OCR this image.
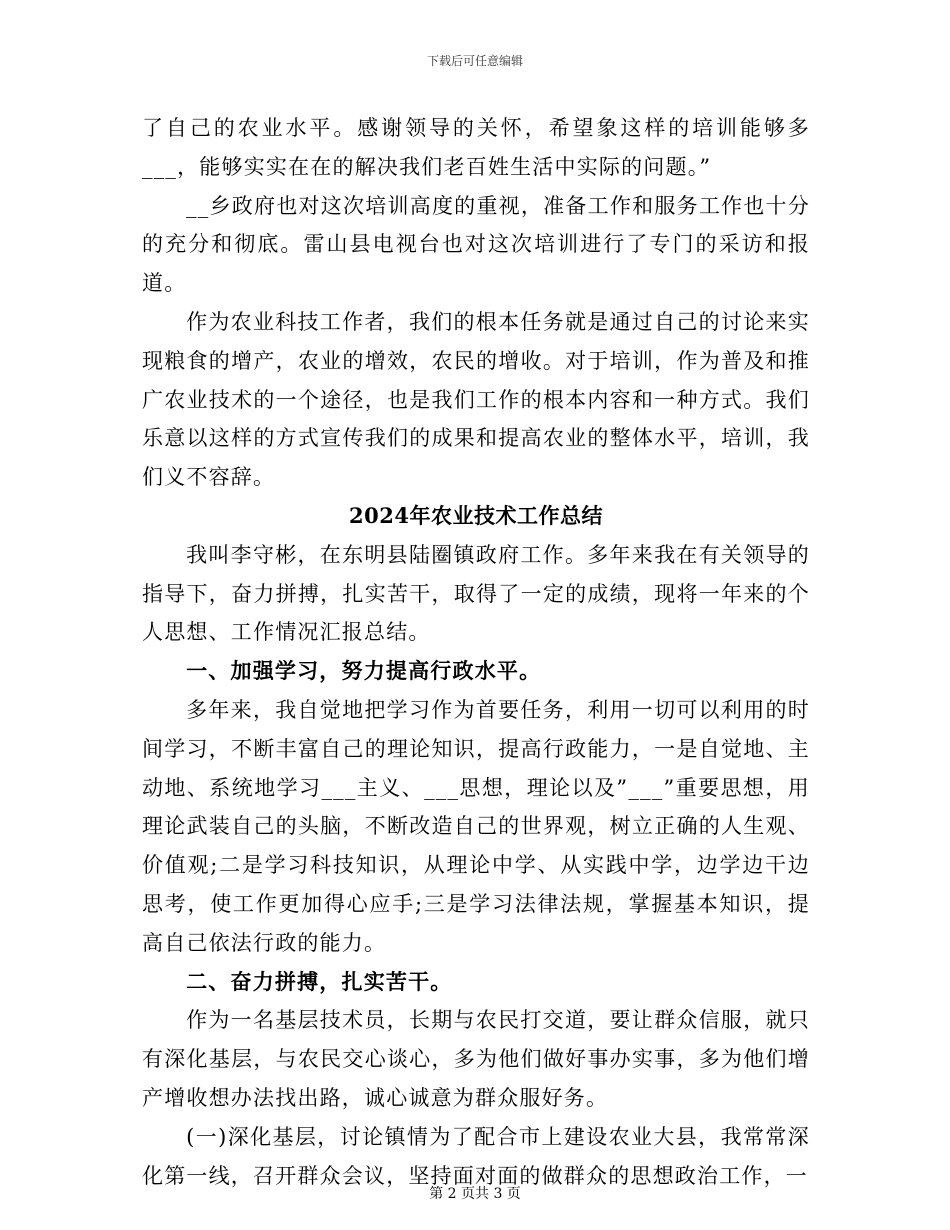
下载后可任意编辑

了自己的农业水平。感谢领导的关怀，希望象这样的培训能够多___，能够实实在在的解决我们老百姓生活中实际的问题。”

__乡政府也对这次培训高度的重视，准备工作和服务工作也十分的充分和彻底。雷山县电视台也对这次培训进行了专门的采访和报道。

作为农业科技工作者，我们的根本任务就是通过自己的讨论来实现粮食的增产，农业的增效，农民的增收。对于培训，作为普及和推广农业技术的一个途径，也是我们工作的根本内容和一种方式。我们乐意以这样的方式宣传我们的成果和提高农业的整体水平，培训，我们义不容辞。

2024年农业技术工作总结

我叫李守彬，在东明县陆圈镇政府工作。多年来我在有关领导的指导下，奋力拼搏，扎实苦干，取得了一定的成绩，现将一年来的个人思想、工作情况汇报总结。

一、加强学习，努力提高行政水平。

多年来，我自觉地把学习作为首要任务，利用一切可以利用的时间学习，不断丰富自己的理论知识，提高行政能力，一是自觉地、主动地、系统地学习___主义、___思想，理论以及”___”重要思想，用理论武装自己的头脑，不断改造自己的世界观，树立正确的人生观、价值观;二是学习科技知识，从理论中学、从实践中学，边学边干边思考，使工作更加得心应手;三是学习法律法规，掌握基本知识，提高自己依法行政的能力。

二、奋力拼搏，扎实苦干。

作为一名基层技术员，长期与农民打交道，要让群众信服，就只有深化基层，与农民交心谈心，多为他们做好事办实事，多为他们增产增收想办法找出路，诚心诚意为群众服好务。

(一)深化基层，讨论镇情为了配合市上建设农业大县，我常常深化第一线，召开群众会议，坚持面对面的做群众的思想政治工作，一

第 2 页共 3 页
